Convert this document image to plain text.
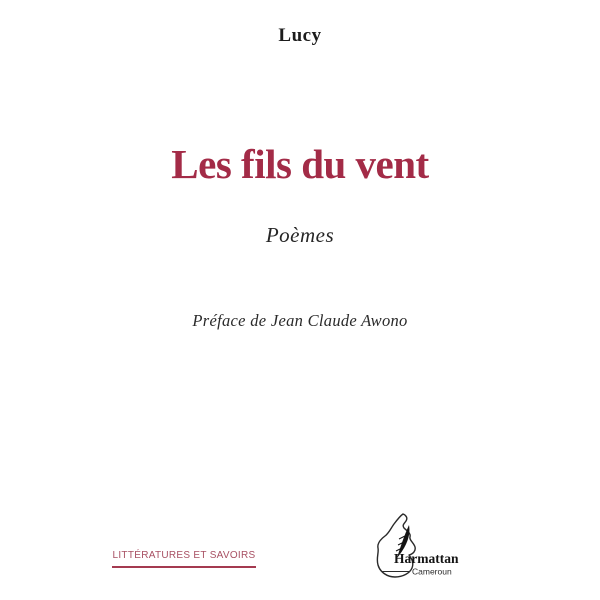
Lucy
Les fils du vent
Poèmes
Préface de Jean Claude Awono
LITTÉRATURES ET SAVOIRS	Harmattan
Cameroun
